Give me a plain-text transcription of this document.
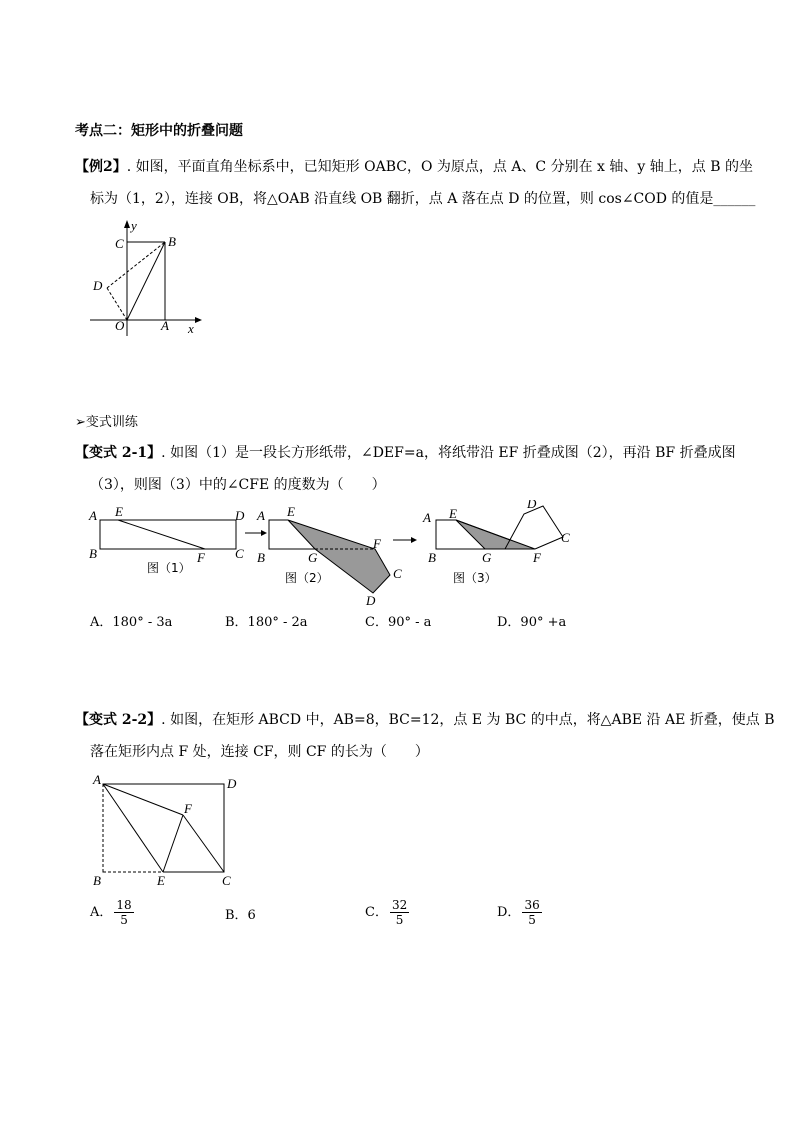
考点二：矩形中的折叠问题
【例2】. 如图，平面直角坐标系中，已知矩形 OABC，O 为原点，点 A、C 分别在 x 轴、y 轴上，点 B 的坐
标为（1，2），连接 OB，将△OAB 沿直线 OB 翻折，点 A 落在点 D 的位置，则 cos∠COD 的值是______
y
C	B
D
O	A x
➢变式训练
【变式 2-1】. 如图（1）是一段长方形纸带，∠DEF=a，将纸带沿 EF 折叠成图（2），再沿 BF 折叠成图
（3），则图（3）中的∠CFE 的度数为（　　）
A E	D
B	F C
图（1）
A E
B	G
F
C
D
图（2）
A E
D
C
B	G	F
图（3）
A．180° - 3a	B．180° - 2a	C．90° - a	D．90° +a
【变式 2-2】. 如图，在矩形 ABCD 中，AB=8，BC=12，点 E 为 BC 的中点，将△ABE 沿 AE 折叠，使点 B
落在矩形内点 F 处，连接 CF，则 CF 的长为（　　）
A	D
F
B	E	C
A． $\frac{18}{5}$	B．6	C． $\frac{32}{5}$	D． $\frac{36}{5}$
